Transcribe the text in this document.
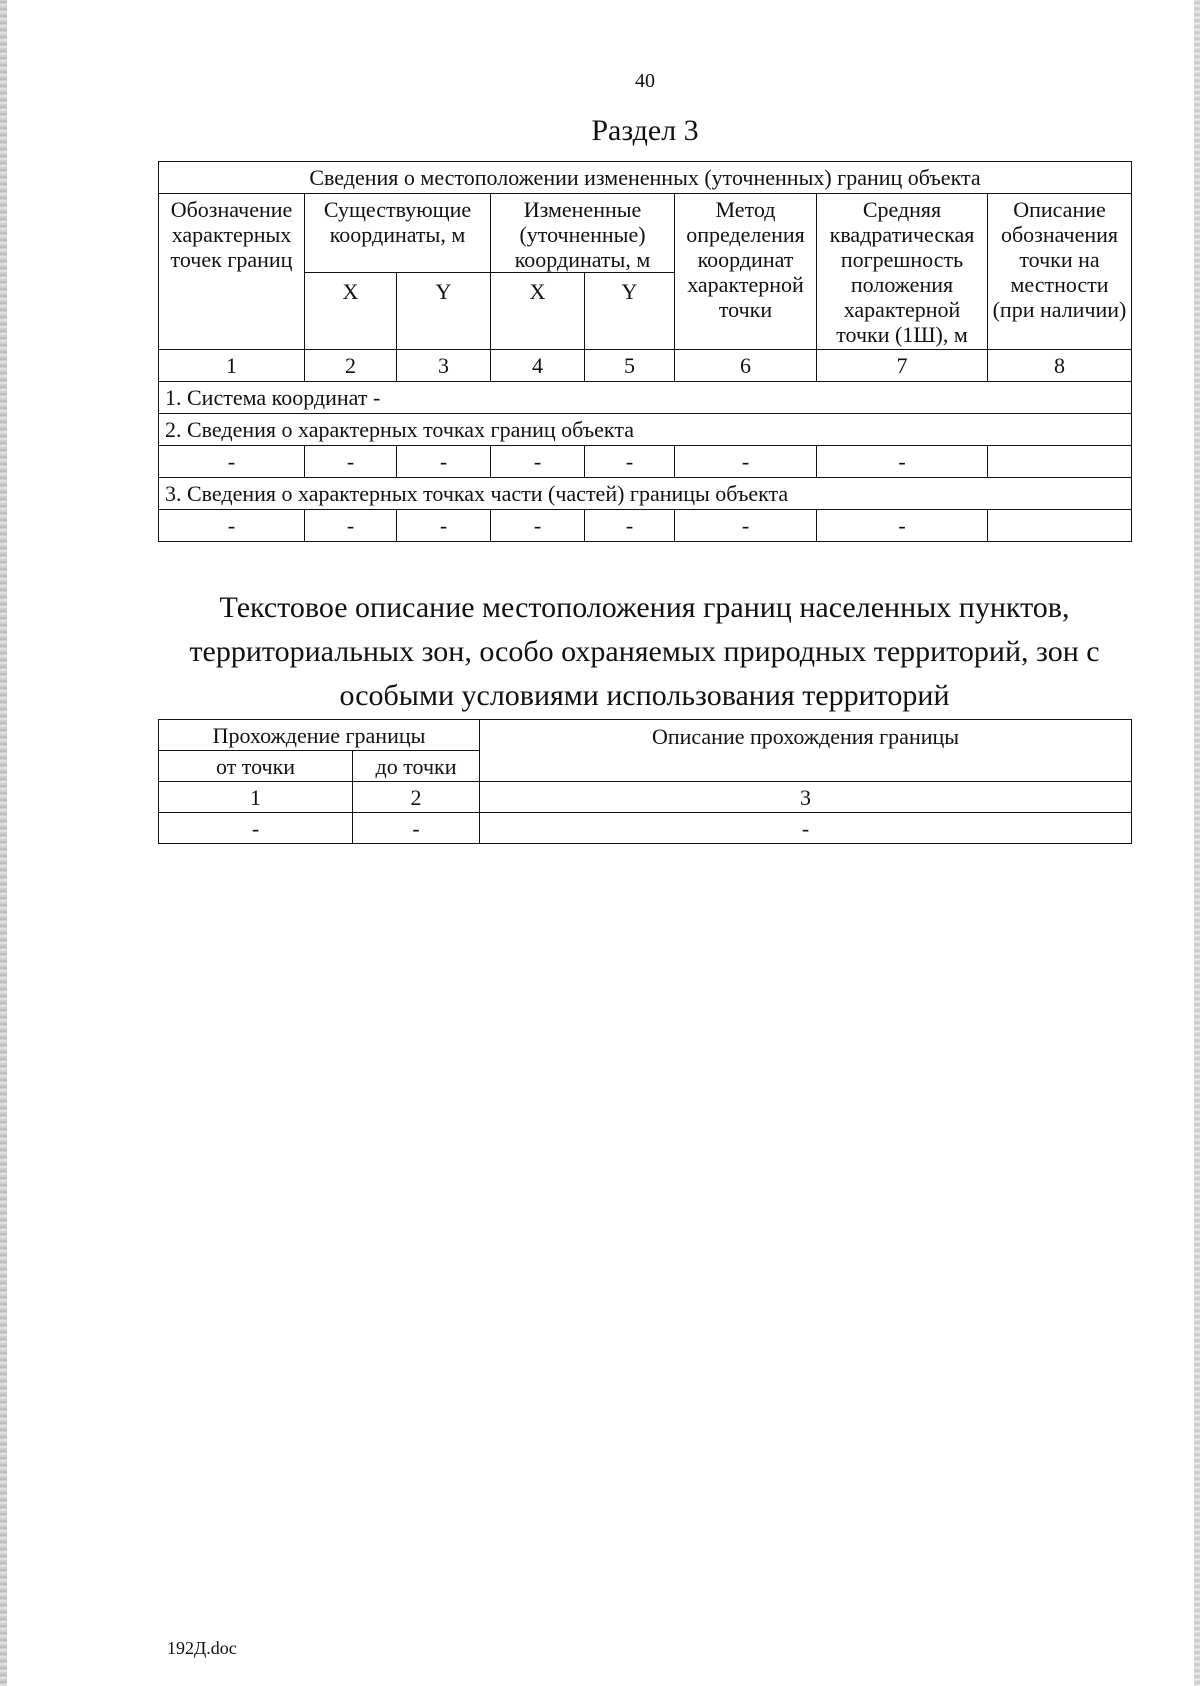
40
Раздел 3
Сведения о местоположении измененных (уточненных) границ объекта							
Обозначение характерных точек границ	Существующие координаты, м		Измененные (уточненные) координаты, м		Метод определения координат характерной точки	Средняя квадратическая погрешность положения характерной точки (1Ш), м	Описание обозначения точки на местности (при наличии)
	X	Y	X	Y			
1	2	3	4	5	6	7	8
1. Система координат -							
2. Сведения о характерных точках границ объекта							
-	-	-	-	-	-	-	
3. Сведения о характерных точках части (частей) границы объекта							
-	-	-	-	-	-	-	
Текстовое описание местоположения границ населенных пунктов, территориальных зон, особо охраняемых природных территорий, зон с особыми условиями использования территорий
Прохождение границы		Описание прохождения границы
от точки	до точки	
1	2	3
-	-	-
192Д.doc
